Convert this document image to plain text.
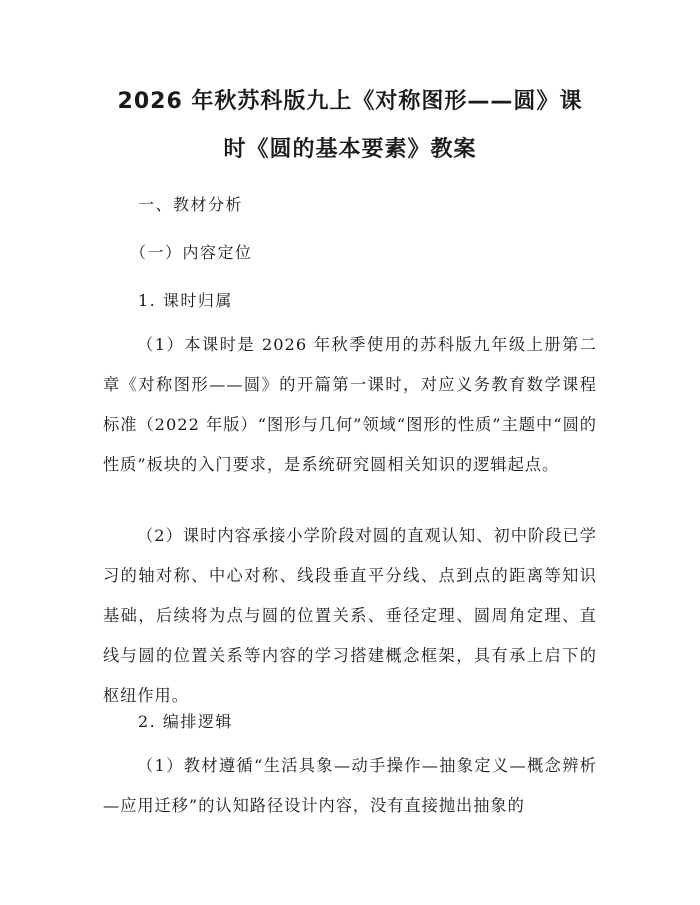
2026 年秋苏科版九上《对称图形——圆》课
时《圆的基本要素》教案
一、教材分析
（一）内容定位
1. 课时归属
（1）本课时是 2026 年秋季使用的苏科版九年级上册第二章《对称图形——圆》的开篇第一课时，对应义务教育数学课程标准（2022 年版）“图形与几何”领域“图形的性质”主题中“圆的性质”板块的入门要求，是系统研究圆相关知识的逻辑起点。
（2）课时内容承接小学阶段对圆的直观认知、初中阶段已学习的轴对称、中心对称、线段垂直平分线、点到点的距离等知识基础，后续将为点与圆的位置关系、垂径定理、圆周角定理、直线与圆的位置关系等内容的学习搭建概念框架，具有承上启下的枢纽作用。
2. 编排逻辑
（1）教材遵循“生活具象—动手操作—抽象定义—概念辨析—应用迁移”的认知路径设计内容，没有直接抛出抽象的
